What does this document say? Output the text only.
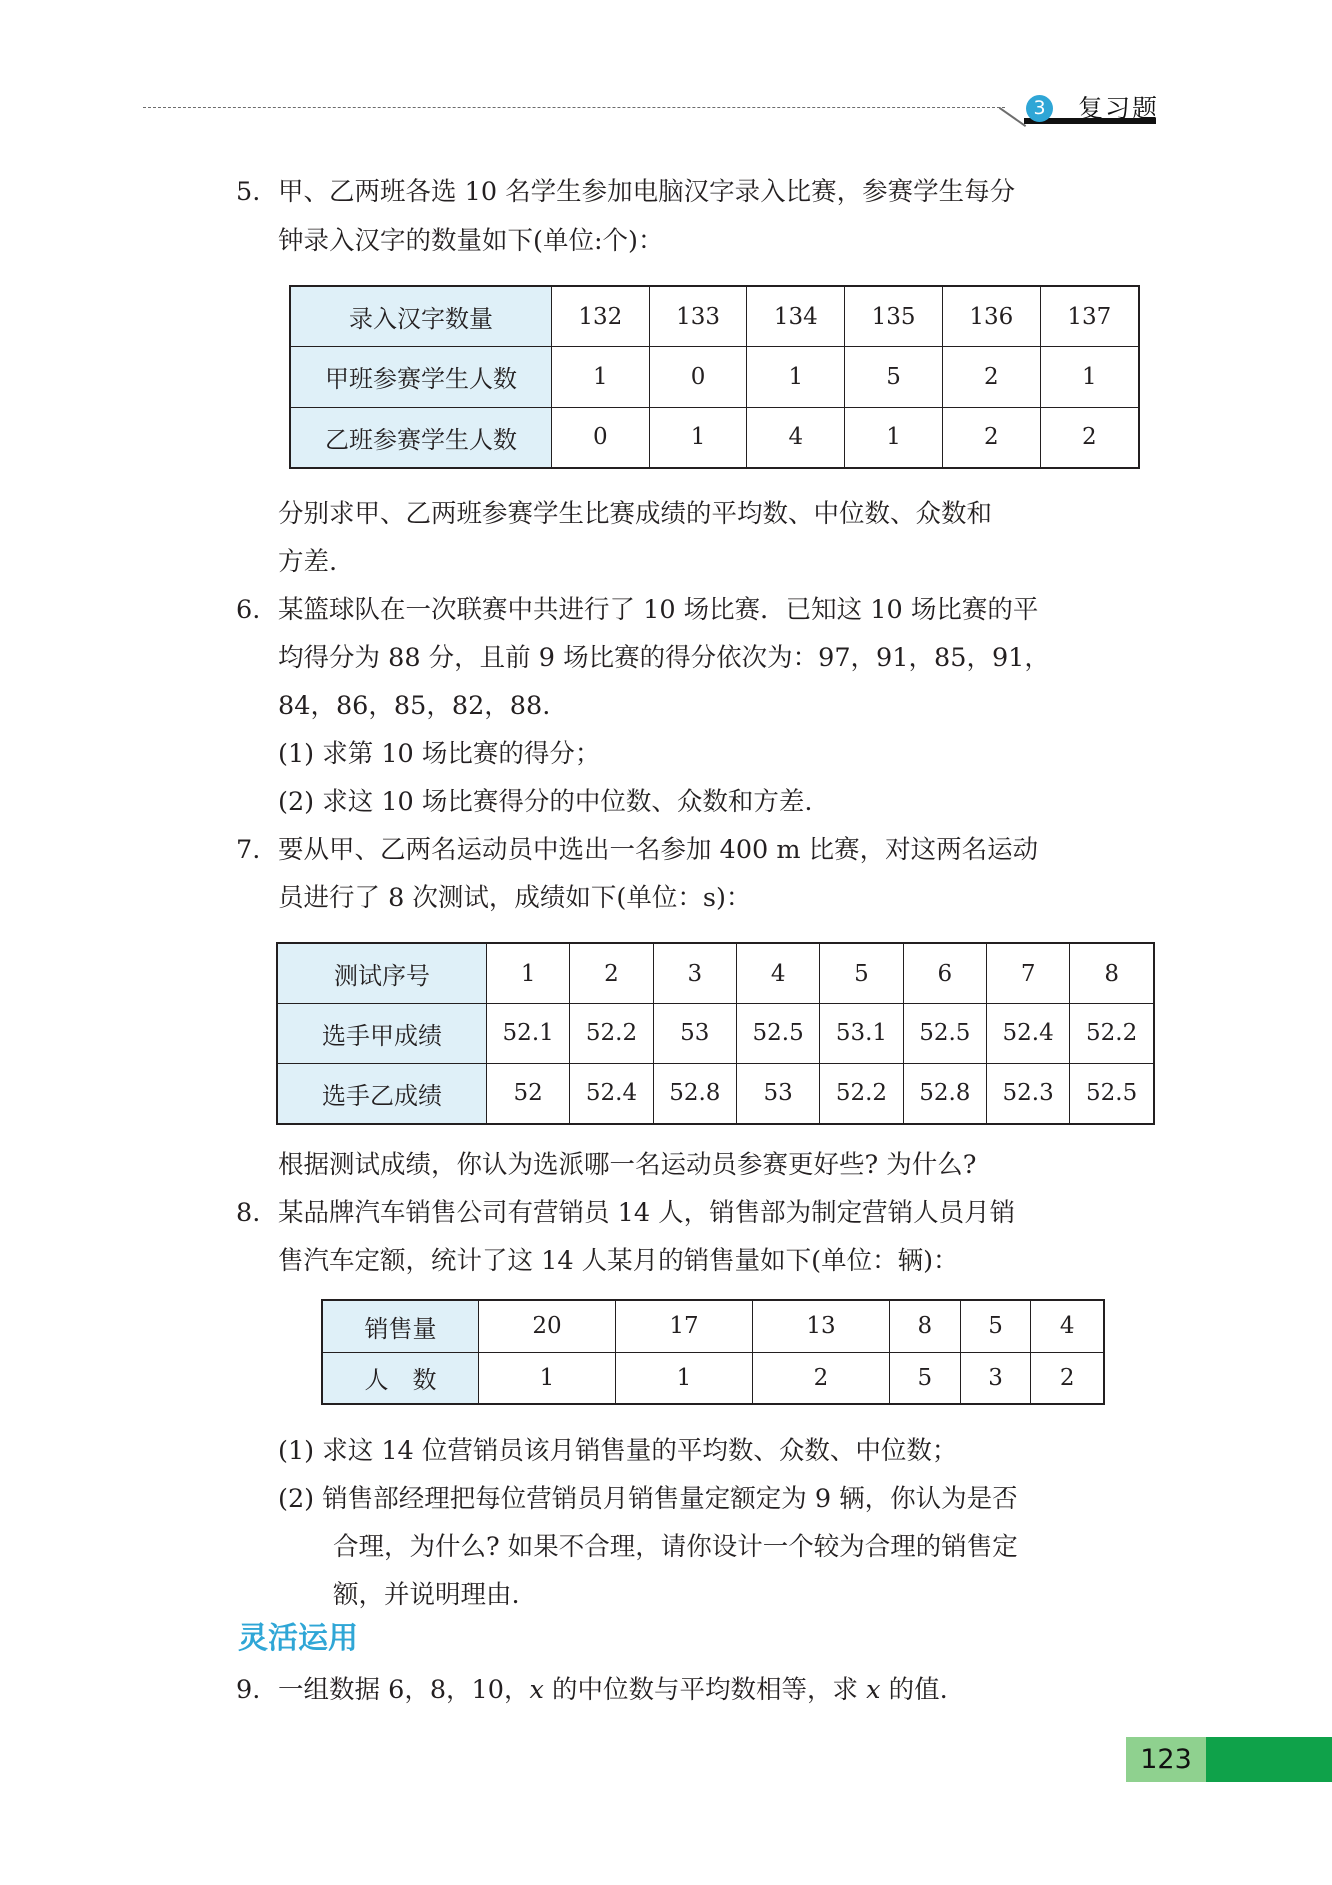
3 复习题
5. 甲、乙两班各选 10 名学生参加电脑汉字录入比赛，参赛学生每分
钟录入汉字的数量如下(单位:个)：
录入汉字数量	132	133	134	135	136	137
甲班参赛学生人数	1	0	1	5	2	1
乙班参赛学生人数	0	1	4	1	2	2
分别求甲、乙两班参赛学生比赛成绩的平均数、中位数、众数和
方差.
6. 某篮球队在一次联赛中共进行了 10 场比赛．已知这 10 场比赛的平
均得分为 88 分，且前 9 场比赛的得分依次为：97，91，85，91，
84，86，85，82，88.
(1) 求第 10 场比赛的得分；
(2) 求这 10 场比赛得分的中位数、众数和方差.
7. 要从甲、乙两名运动员中选出一名参加 400 m 比赛，对这两名运动
员进行了 8 次测试，成绩如下(单位：s)：
测试序号	1	2	3	4	5	6	7	8
选手甲成绩	52.1	52.2	53	52.5	53.1	52.5	52.4	52.2
选手乙成绩	52	52.4	52.8	53	52.2	52.8	52.3	52.5
根据测试成绩，你认为选派哪一名运动员参赛更好些? 为什么?
8. 某品牌汽车销售公司有营销员 14 人，销售部为制定营销人员月销
售汽车定额，统计了这 14 人某月的销售量如下(单位：辆)：
销售量	20	17	13	8	5	4
人　数	1	1	2	5	3	2
(1) 求这 14 位营销员该月销售量的平均数、众数、中位数；
(2) 销售部经理把每位营销员月销售量定额定为 9 辆，你认为是否
合理，为什么? 如果不合理，请你设计一个较为合理的销售定
额，并说明理由.
灵活运用
9. 一组数据 6，8，10，x 的中位数与平均数相等，求 x 的值.
123
